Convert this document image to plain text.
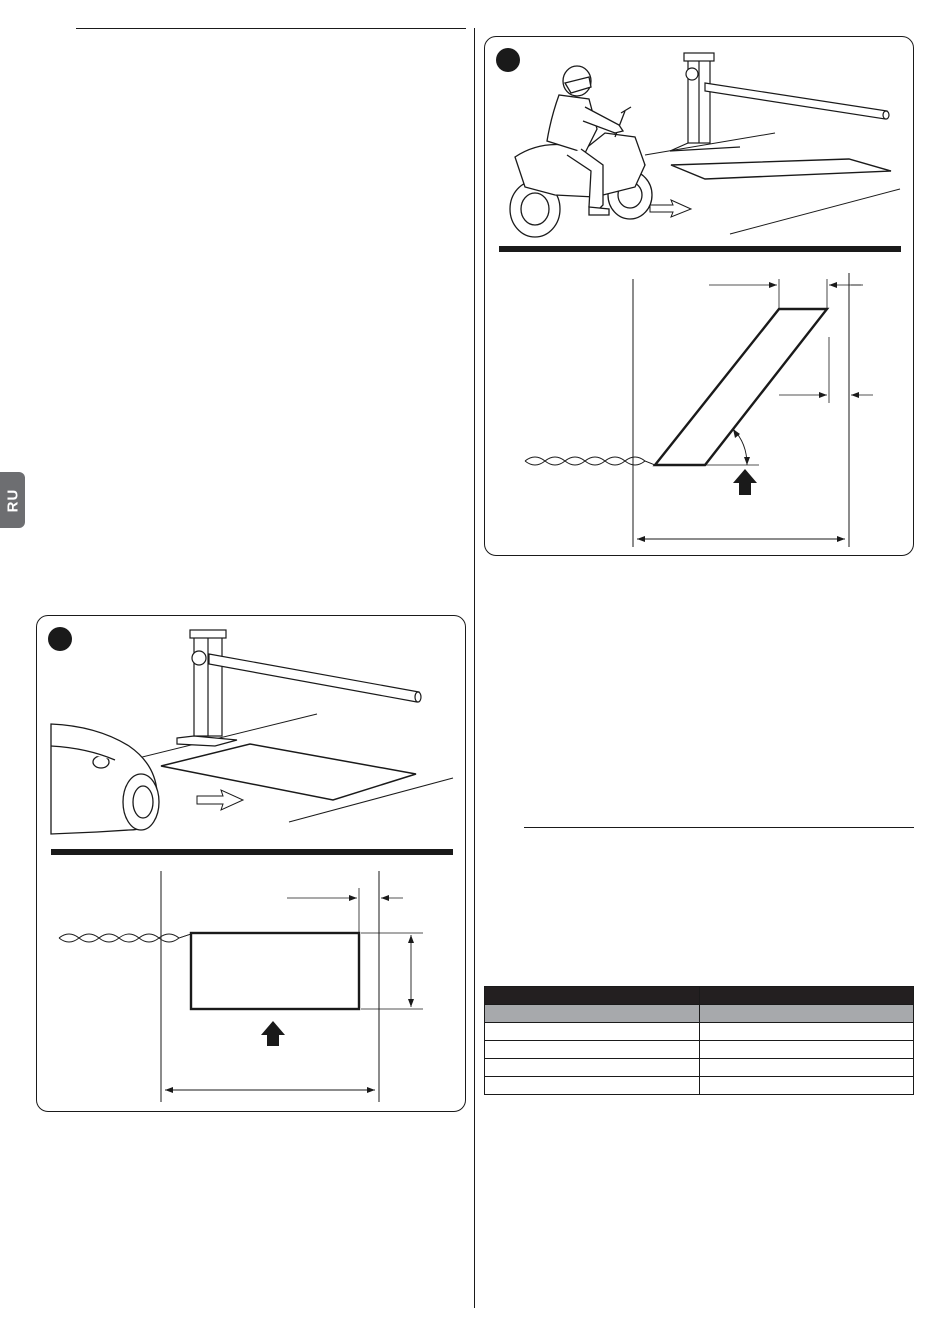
RU
